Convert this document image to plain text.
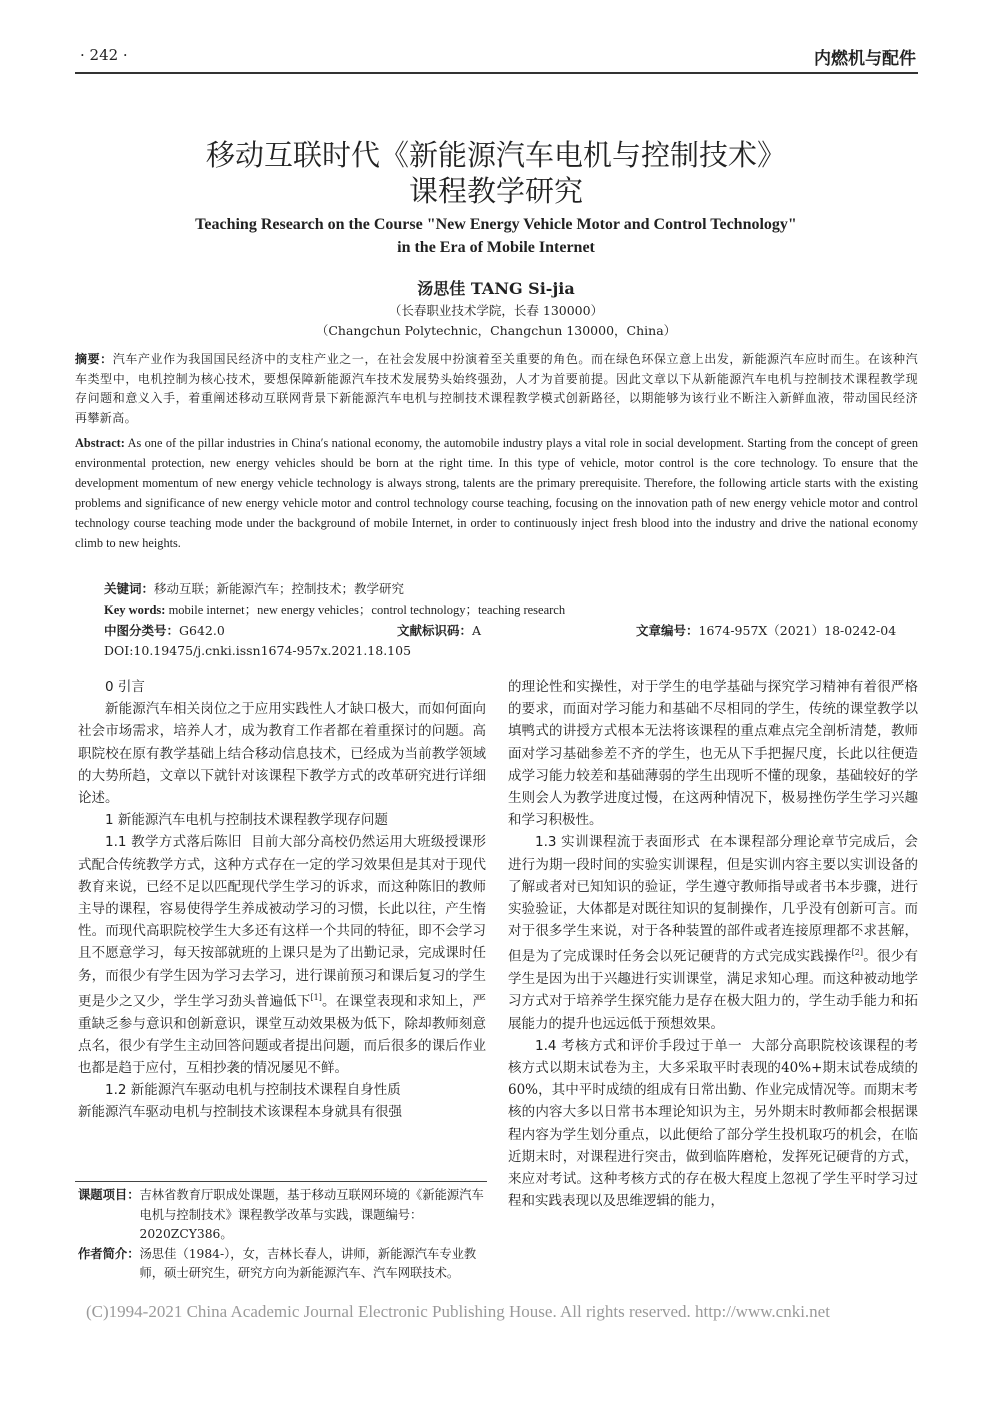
· 242 ·	内燃机与配件
移动互联时代《新能源汽车电机与控制技术》
课程教学研究
Teaching Research on the Course "New Energy Vehicle Motor and Control Technology"
in the Era of Mobile Internet
汤思佳 TANG Si-jia
（长春职业技术学院，长春 130000）
（Changchun Polytechnic，Changchun 130000，China）
摘要：汽车产业作为我国国民经济中的支柱产业之一，在社会发展中扮演着至关重要的角色。而在绿色环保立意上出发，新能源汽车应时而生。在该种汽车类型中，电机控制为核心技术，要想保障新能源汽车技术发展势头始终强劲，人才为首要前提。因此文章以下从新能源汽车电机与控制技术课程教学现存问题和意义入手，着重阐述移动互联网背景下新能源汽车电机与控制技术课程教学模式创新路径，以期能够为该行业不断注入新鲜血液，带动国民经济再攀新高。
Abstract: As one of the pillar industries in China′s national economy, the automobile industry plays a vital role in social development. Starting from the concept of green environmental protection, new energy vehicles should be born at the right time. In this type of vehicle, motor control is the core technology. To ensure that the development momentum of new energy vehicle technology is always strong, talents are the primary prerequisite. Therefore, the following article starts with the existing problems and significance of new energy vehicle motor and control technology course teaching, focusing on the innovation path of new energy vehicle motor and control technology course teaching mode under the background of mobile Internet, in order to continuously inject fresh blood into the industry and drive the national economy climb to new heights.
关键词：移动互联；新能源汽车；控制技术；教学研究
Key words: mobile internet；new energy vehicles；control technology；teaching research
中图分类号：G642.0	文献标识码：A	文章编号：1674-957X（2021）18-0242-04
DOI:10.19475/j.cnki.issn1674-957x.2021.18.105
0 引言

新能源汽车相关岗位之于应用实践性人才缺口极大，而如何面向社会市场需求，培养人才，成为教育工作者都在着重探讨的问题。高职院校在原有教学基础上结合移动信息技术，已经成为当前教学领域的大势所趋，文章以下就针对该课程下教学方式的改革研究进行详细论述。

1 新能源汽车电机与控制技术课程教学现存问题

1.1 教学方式落后陈旧 目前大部分高校仍然运用大班级授课形式配合传统教学方式，这种方式存在一定的学习效果但是其对于现代教育来说，已经不足以匹配现代学生学习的诉求，而这种陈旧的教师主导的课程，容易使得学生养成被动学习的习惯，长此以往，产生惰性。而现代高职院校学生大多还有这样一个共同的特征，即不会学习且不愿意学习，每天按部就班的上课只是为了出勤记录，完成课时任务，而很少有学生因为学习去学习，进行课前预习和课后复习的学生更是少之又少，学生学习劲头普遍低下[1]。在课堂表现和求知上，严重缺乏参与意识和创新意识，课堂互动效果极为低下，除却教师刻意点名，很少有学生主动回答问题或者提出问题，而后很多的课后作业也都是趋于应付，互相抄袭的情况屡见不鲜。

1.2 新能源汽车驱动电机与控制技术课程自身性质

新能源汽车驱动电机与控制技术该课程本身就具有很强

课题项目： 吉林省教育厅职成处课题，基于移动互联网环境的《新能源汽车电机与控制技术》课程教学改革与实践，课题编号：2020ZCY386。
作者简介： 汤思佳（1984-），女，吉林长春人，讲师，新能源汽车专业教师，硕士研究生，研究方向为新能源汽车、汽车网联技术。

的理论性和实操性，对于学生的电学基础与探究学习精神有着很严格的要求，而面对学习能力和基础不尽相同的学生，传统的课堂教学以填鸭式的讲授方式根本无法将该课程的重点难点完全剖析清楚，教师面对学习基础参差不齐的学生，也无从下手把握尺度，长此以往便造成学习能力较差和基础薄弱的学生出现听不懂的现象，基础较好的学生则会人为教学进度过慢，在这两种情况下，极易挫伤学生学习兴趣和学习积极性。

1.3 实训课程流于表面形式 在本课程部分理论章节完成后，会进行为期一段时间的实验实训课程，但是实训内容主要以实训设备的了解或者对已知知识的验证，学生遵守教师指导或者书本步骤，进行实验验证，大体都是对既往知识的复制操作，几乎没有创新可言。而对于很多学生来说，对于各种装置的部件或者连接原理都不求甚解，但是为了完成课时任务会以死记硬背的方式完成实践操作[2]。很少有学生是因为出于兴趣进行实训课堂，满足求知心理。而这种被动地学习方式对于培养学生探究能力是存在极大阻力的，学生动手能力和拓展能力的提升也远远低于预想效果。

1.4 考核方式和评价手段过于单一 大部分高职院校该课程的考核方式以期末试卷为主，大多采取平时表现的40%+期末试卷成绩的60%，其中平时成绩的组成有日常出勤、作业完成情况等。而期末考核的内容大多以日常书本理论知识为主，另外期末时教师都会根据课程内容为学生划分重点，以此便给了部分学生投机取巧的机会，在临近期末时，对课程进行突击，做到临阵磨枪，发挥死记硬背的方式，来应对考试。这种考核方式的存在极大程度上忽视了学生平时学习过程和实践表现以及思维逻辑的能力，

(C)1994-2021 China Academic Journal Electronic Publishing House. All rights reserved. http://www.cnki.net
